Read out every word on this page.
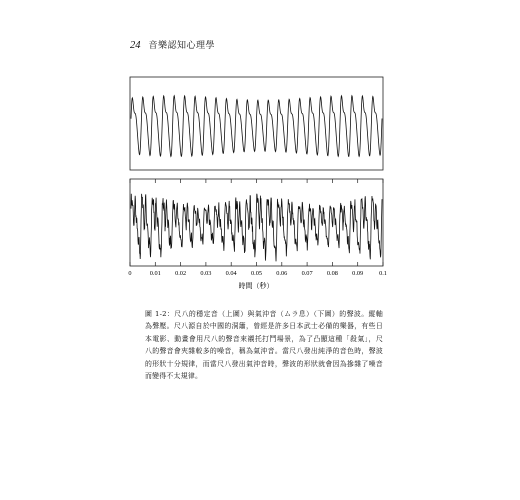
24 音樂認知心理學
0	0.01 0.02 0.03 0.04 0.05 0.06 0.07 0.08 0.09	0.1
時間（秒）
圖 1-2：尺八的穩定音（上圖）與氣沖音（ムラ息）（下圖）的聲波。縱軸為聲壓。尺八源自於中國的洞簫，曾經是許多日本武士必備的樂器，有些日本電影、動畫會用尺八的聲音來襯托打鬥場景，為了凸顯這種「殺氣」，尺八的聲音會夾雜較多的噪音，稱為氣沖音。當尺八發出純淨的音色時，聲波的形狀十分規律，而當尺八發出氣沖音時，聲波的形狀就會因為摻雜了噪音而變得不太規律。
